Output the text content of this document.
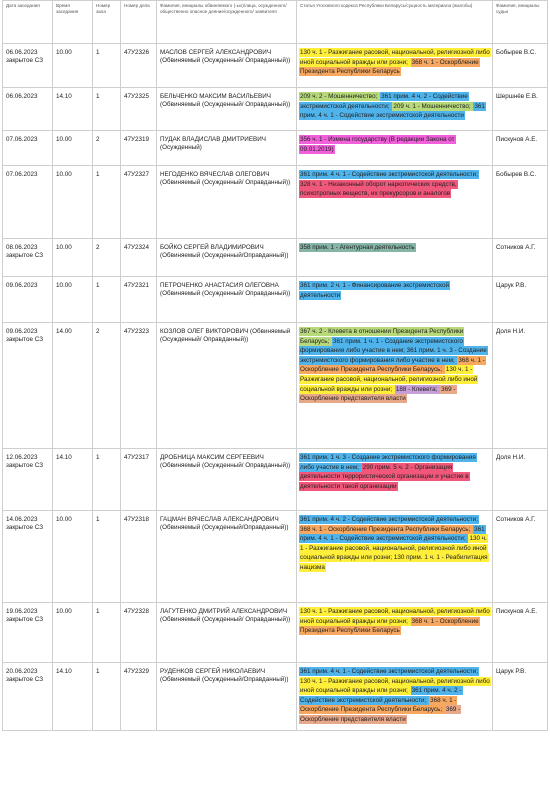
Дата заседания	Время заседания	Номер зала	Номер дела	Фамилия, инициалы обвиняемого (-ых)/лица, осужденного/ общественно опасное деяние/осужденного/ заявителя	Статья Уголовного кодекса Республики Беларусь/сущность материала (жалобы)	Фамилия, инициалы судьи
06.06.2023 закрытое СЗ	10.00	1	47У2326	МАСЛОВ СЕРГЕЙ АЛЕКСАНДРОВИЧ (Обвиняемый (Осужденный/ Оправданный))	130 ч. 1 - Разжигание расовой, национальной, религиозной либо иной социальной вражды или розни; 368 ч. 1 - Оскорбление Президента Республики Беларусь	Бобырев В.С.
06.06.2023	14.10	1	47У2325	БЕЛЬЧЕНКО МАКСИМ ВАСИЛЬЕВИЧ (Обвиняемый (Осужденный/ Оправданный))	209 ч. 2 - Мошенничество; 361 прим. 4 ч. 2 - Содействие экстремистской деятельности; 209 ч. 1 - Мошенничество; 361 прим. 4 ч. 1 - Содействие экстремистской деятельности	Шершнёв Е.В.
07.06.2023	10.00	2	47У2319	ПУДАК ВЛАДИСЛАВ ДМИТРИЕВИЧ (Осужденный)	356 ч. 1 - Измена государству (В редакции Закона от 09.01.2019)	Пискунов А.Е.
07.06.2023	10.00	1	47У2327	НЕГОДЕНКО ВЯЧЕСЛАВ ОЛЕГОВИЧ (Обвиняемый (Осужденный/ Оправданный))	361 прим. 4 ч. 1 - Содействие экстремистской деятельности; 328 ч. 1 - Незаконный оборот наркотических средств, психотропных веществ, их прекурсоров и аналогов	Бобырев В.С.
08.06.2023 закрытое СЗ	10.00	2	47У2324	БОЙКО СЕРГЕЙ ВЛАДИМИРОВИЧ (Обвиняемый (Осужденный/Оправданный))	358 прим. 1 - Агентурная деятельность	Сотников А.Г.
09.06.2023	10.00	1	47У2321	ПЕТРОЧЕНКО АНАСТАСИЯ ОЛЕГОВНА (Обвиняемый (Осужденный/ Оправданный))	361 прим. 2 ч. 1 - Финансирование экстремистской деятельности	Царук Р.В.
09.06.2023 закрытое СЗ	14.00	2	47У2323	КОЗЛОВ ОЛЕГ ВИКТОРОВИЧ (Обвиняемый (Осужденный/ Оправданный))	367 ч. 2 - Клевета в отношении Президента Республики Беларусь; 361 прим. 1 ч. 1 - Создание экстремистского формирования либо участие в нем; 361 прим. 1 ч. 3 - Создание экстремистского формирования либо участие в нем; 368 ч. 1 - Оскорбление Президента Республики Беларусь; 130 ч. 1 - Разжигание расовой, национальной, религиозной либо иной социальной вражды или розни; 188 - Клевета; 369 - Оскорбление представителя власти	Доля Н.И.
12.06.2023 закрытое СЗ	14.10	1	47У2317	ДРОБНИЦА МАКСИМ СЕРГЕЕВИЧ (Обвиняемый (Осужденный/ Оправданный))	361 прим. 1 ч. 3 - Создание экстремистского формирования либо участие в нем; 290 прим. 5 ч. 2 - Организация деятельности террористической организации и участие в деятельности такой организации	Доля Н.И.
14.06.2023 закрытое СЗ	10.00	1	47У2318	ГАЦМАН ВЯЧЕСЛАВ АЛЕКСАНДРОВИЧ (Обвиняемый (Осужденный/Оправданный))	361 прим. 4 ч. 2 - Содействие экстремистской деятельности; 368 ч. 1 - Оскорбление Президента Республики Беларусь; 361 прим. 4 ч. 1 - Содействие экстремистской деятельности; 130 ч. 1 - Разжигание расовой, национальной, религиозной либо иной социальной вражды или розни; 130 прим. 1 ч. 1 - Реабилитация нацизма	Сотников А.Г.
19.06.2023 закрытое СЗ	10.00	1	47У2328	ЛАГУТЕНКО ДМИТРИЙ АЛЕКСАНДРОВИЧ (Обвиняемый (Осужденный/ Оправданный))	130 ч. 1 - Разжигание расовой, национальной, религиозной либо иной социальной вражды или розни; 368 ч. 1 - Оскорбление Президента Республики Беларусь	Пискунов А.Е.
20.06.2023 закрытое СЗ	14.10	1	47У2329	РУДЕНКОВ СЕРГЕЙ НИКОЛАЕВИЧ (Обвиняемый (Осужденный/Оправданный))	361 прим. 4 ч. 1 - Содействие экстремистской деятельности; 130 ч. 1 - Разжигание расовой, национальной, религиозной либо иной социальной вражды или розни; 361 прим. 4 ч. 2 - Содействие экстремистской деятельности; 368 ч. 1 - Оскорбление Президента Республики Беларусь; 369 - Оскорбление представителя власти	Царук Р.В.
